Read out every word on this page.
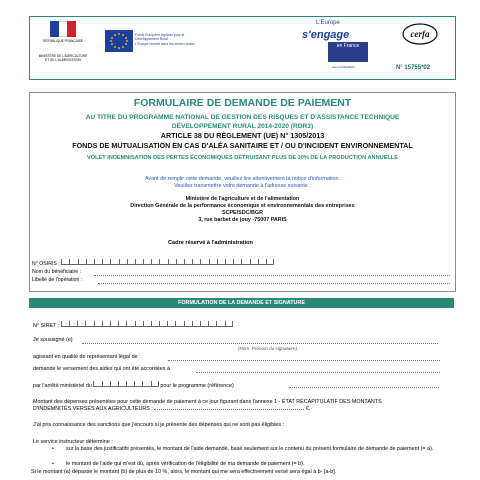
RÉPUBLIQUE FRANÇAISE
MINISTÈRE DE L'AGRICULTURE ET DE L'ALIMENTATION
Fonds Européen Agricole pour le Développement Rural
L'Europe investit dans les zones rurales
L'Europe
s'engage
en France
avec le FEADER
cerfa
N° 15755*02
FORMULAIRE DE DEMANDE DE PAIEMENT
AU TITRE DU PROGRAMME NATIONAL DE GESTION DES RISQUES ET D'ASSISTANCE TECHNIQUE
DÉVELOPPEMENT RURAL 2014-2020 (RDR3)
ARTICLE 38 DU RÈGLEMENT (UE) N° 1305/2013
FONDS DE MUTUALISATION EN CAS D'ALÉA SANITAIRE ET / OU D'INCIDENT ENVIRONNEMENTAL
VOLET INDEMNISATION DES PERTES ÉCONOMIQUES DÉTRUISANT PLUS DE 30% DE LA PRODUCTION ANNUELLE
Avant de remplir cette demande, veuillez lire attentivement la notice d'information.
Veuillez transmettre votre demande à l'adresse suivante :
Ministère de l'agriculture et de l'alimentation
Direction Générale de la performance économique et environnementale des entreprises
SCPE/SDC/BGR
3, rue barbet de jouy -75007 PARIS
Cadre réservé à l'administration
N° OSIRIS :
Nom du bénéficiaire :
Libellé de l'opération :
FORMULATION DE LA DEMANDE ET SIGNATURE
N° SIRET :
Je soussigné (e)
(Nom, Prénom du signataire)
agissant en qualité de représentant légal de :
demande le versement des aides qui ont été accordées à
par l'arrêté ministériel du	pour le programme (référence)
Montant des dépenses présentées pour cette demande de paiement à ce jour figurant dans l'annexe 1 - ÉTAT RÉCAPITULATIF DES MONTANTS
D'INDEMNITÉS VERSÉS AUX AGRICULTEURS :	€.
J'ai pris connaissance des sanctions que j'encours si je présente des dépenses qui ne sont pas éligibles :
Le service instructeur détermine :
• sur la base des justificatifs présentés, le montant de l'aide demandé, basé seulement sur le contenu du présent formulaire de demande de paiement (= a).
• le montant de l'aide qui m'est dû, après vérification de l'éligibilité de ma demande de paiement (= b).
Si le montant (a) dépasse le montant (b) de plus de 10 %, alors, le montant qui me sera effectivement versé sera égal à b- [a-b].
